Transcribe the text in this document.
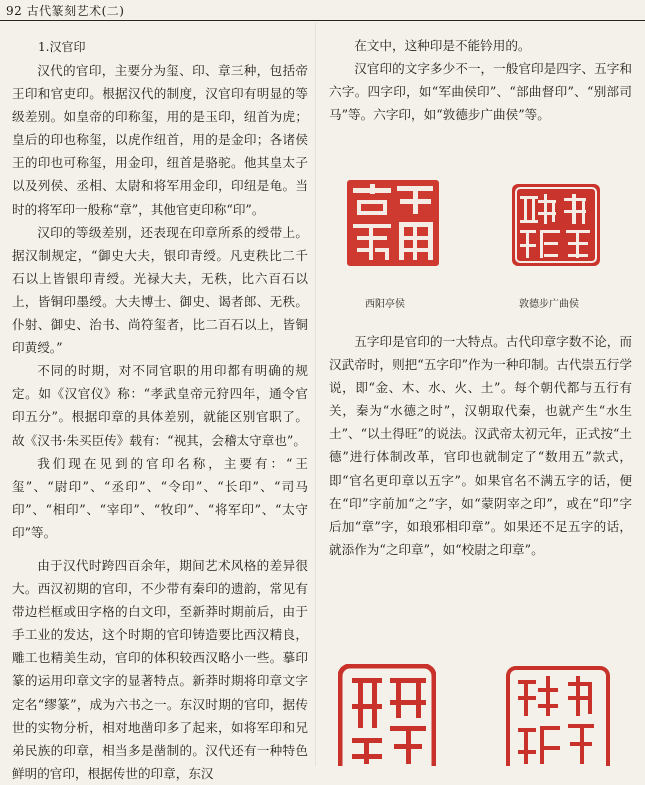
92 古代篆刻艺术(二)
1.汉官印

汉代的官印，主要分为玺、印、章三种，包括帝王印和官吏印。根据汉代的制度，汉官印有明显的等级差别。如皇帝的印称玺，用的是玉印，纽首为虎；皇后的印也称玺，以虎作纽首，用的是金印；各诸侯王的印也可称玺，用金印，纽首是骆驼。他其皇太子以及列侯、丞相、太尉和将军用金印，印纽是龟。当时的将军印一般称“章”，其他官吏印称“印”。

汉印的等级差别，还表现在印章所系的绶带上。据汉制规定，“御史大夫，银印青绶。凡吏秩比二千石以上皆银印青绶。光禄大夫，无秩，比六百石以上，皆铜印墨绶。大夫博士、御史、谒者郎、无秩。仆射、御史、治书、尚符玺者，比二百石以上，皆铜印黄绶。”

不同的时期，对不同官职的用印都有明确的规定。如《汉官仪》称：“孝武皇帝元狩四年，通令官印五分”。根据印章的具体差别，就能区别官职了。故《汉书·朱买臣传》载有：“视其，会稽太守章也”。

我们现在见到的官印名称，主要有：“王玺”、“尉印”、“丞印”、“令印”、“长印”、“司马印”、“相印”、“宰印”、“牧印”、“将军印”、“太守印”等。

由于汉代时跨四百余年，期间艺术风格的差异很大。西汉初期的官印，不少带有秦印的遗韵，常见有带边栏框或田字格的白文印，至新莽时期前后，由于手工业的发达，这个时期的官印铸造要比西汉精良，雕工也精美生动，官印的体积较西汉略小一些。摹印篆的运用印章文字的显著特点。新莽时期将印章文字定名“缪篆”，成为六书之一。东汉时期的官印，据传世的实物分析，相对地凿印多了起来，如将军印和兄弟民族的印章，相当多是凿制的。汉代还有一种特色鲜明的官印，根据传世的印章，东汉

在文中，这种印是不能钤用的。

汉官印的文字多少不一，一般官印是四字、五字和六字。四字印，如“军曲侯印”、“部曲督印”、“别部司马”等。六字印，如“敦德步广曲侯”等。

西阳亭侯	敦德步广曲侯

五字印是官印的一大特点。古代印章字数不论，而汉武帝时，则把“五字印”作为一种印制。古代崇五行学说，即“金、木、水、火、土”。每个朝代都与五行有关，秦为“水德之时”，汉朝取代秦，也就产生“水生土”、“以土得旺”的说法。汉武帝太初元年，正式按“土德”进行体制改革，官印也就制定了“数用五”款式，即“官名更印章以五字”。如果官名不满五字的话，便在“印”字前加“之”字，如“蒙阴宰之印”，或在“印”字后加“章”字，如琅邪相印章”。如果还不足五字的话，就添作为“之印章”，如“校尉之印章”。
